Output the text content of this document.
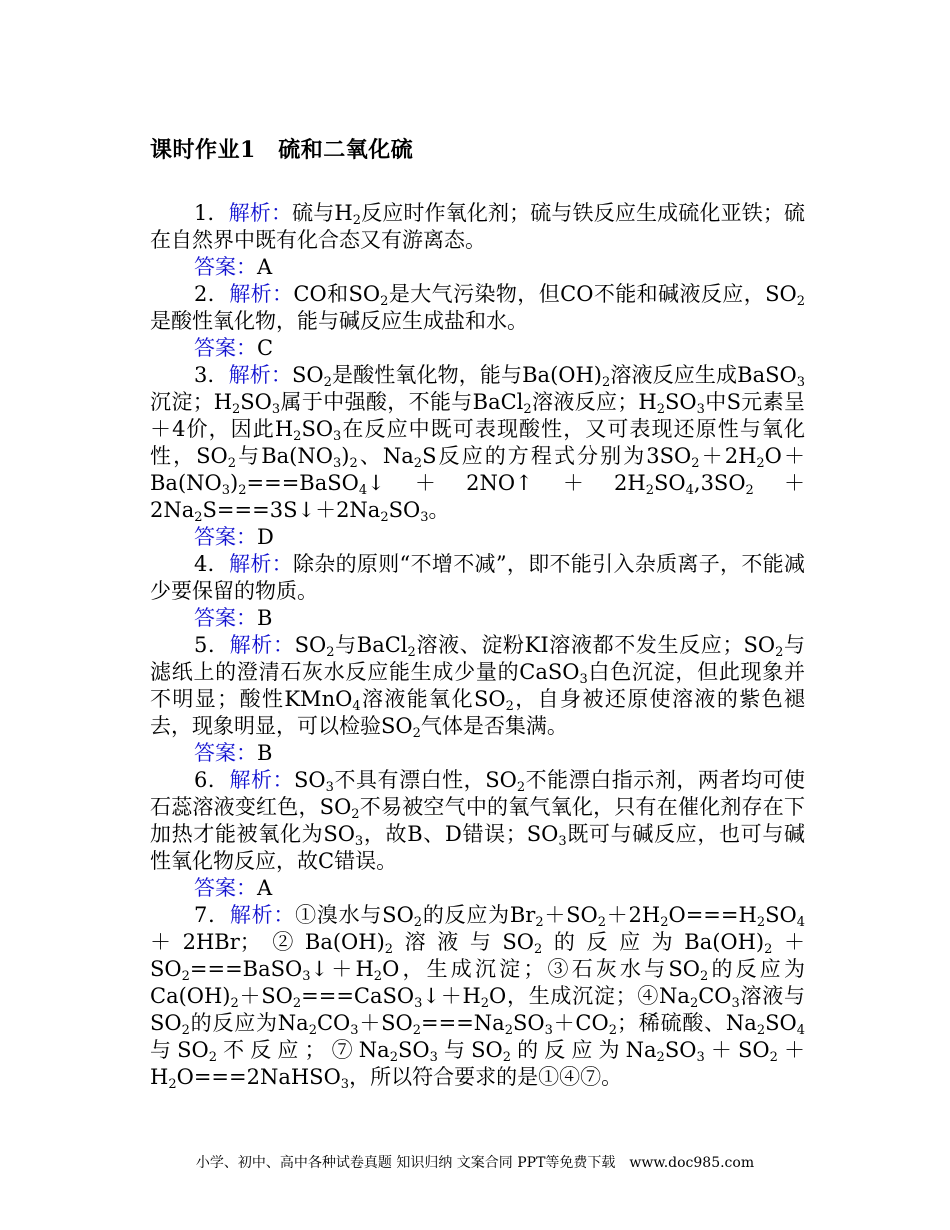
课时作业1　硫和二氧化硫

1．解析：硫与$H_2$反应时作氧化剂；硫与铁反应生成硫化亚铁；硫在自然界中既有化合态又有游离态。

答案：A

2．解析：CO和$SO_2$是大气污染物，但CO不能和碱液反应，$SO_2$是酸性氧化物，能与碱反应生成盐和水。

答案：C

3．解析：$SO_2$是酸性氧化物，能与$Ba(OH)_2$溶液反应生成BaSO$_3$沉淀；$H_2SO_3$属于中强酸，不能与BaCl$_2$溶液反应；$H_2SO_3$中S元素呈＋4价，因此$H_2SO_3$在反应中既可表现酸性，又可表现还原性与氧化性，$SO_2$与$Ba(NO_3)_2$、$Na_2S$反应的方程式分别为$3SO_2+2H_2O+Ba(NO_3)_2===BaSO_4↓+2NO↑+2H_2SO_4,3SO_2+2Na_2S===3S↓+2Na_2SO_3$。

答案：D

4．解析：除杂的原则“不增不减”，即不能引入杂质离子，不能减少要保留的物质。

答案：B

5．解析：$SO_2$与BaCl$_2$溶液、淀粉KI溶液都不发生反应；$SO_2$与滤纸上的澄清石灰水反应能生成少量的CaSO$_3$白色沉淀，但此现象并不明显；酸性KMnO$_4$溶液能氧化$SO_2$，自身被还原使溶液的紫色褪去，现象明显，可以检验$SO_2$气体是否集满。

答案：B

6．解析：$SO_3$不具有漂白性，$SO_2$不能漂白指示剂，两者均可使石蕊溶液变红色，$SO_2$不易被空气中的氧气氧化，只有在催化剂存在下加热才能被氧化为$SO_3$，故B、D错误；$SO_3$既可与碱反应，也可与碱性氧化物反应，故C错误。

答案：A

7．解析：①溴水与$SO_2$的反应为$Br_2+SO_2+2H_2O===H_2SO_4+2HBr$；$②Ba(OH)_2$溶液与$SO_2$的反应为$Ba(OH)_2+SO_2===BaSO_3↓+H_2O$，生成沉淀；③石灰水与$SO_2$的反应为$Ca(OH)_2+SO_2===CaSO_3↓+H_2O$，生成沉淀；$④Na_2CO_3$溶液与$SO_2$的反应为$Na_2CO_3+SO_2===Na_2SO_3+CO_2$；稀硫酸、$Na_2SO_4$与$SO_2$不反应；$⑦Na_2SO_3$与$SO_2$的反应为$Na_2SO_3+SO_2+H_2O===2NaHSO_3$，所以符合要求的是①④⑦。

小学、初中、高中各种试卷真题 知识归纳 文案合同 PPT等免费下载　www.doc985.com
